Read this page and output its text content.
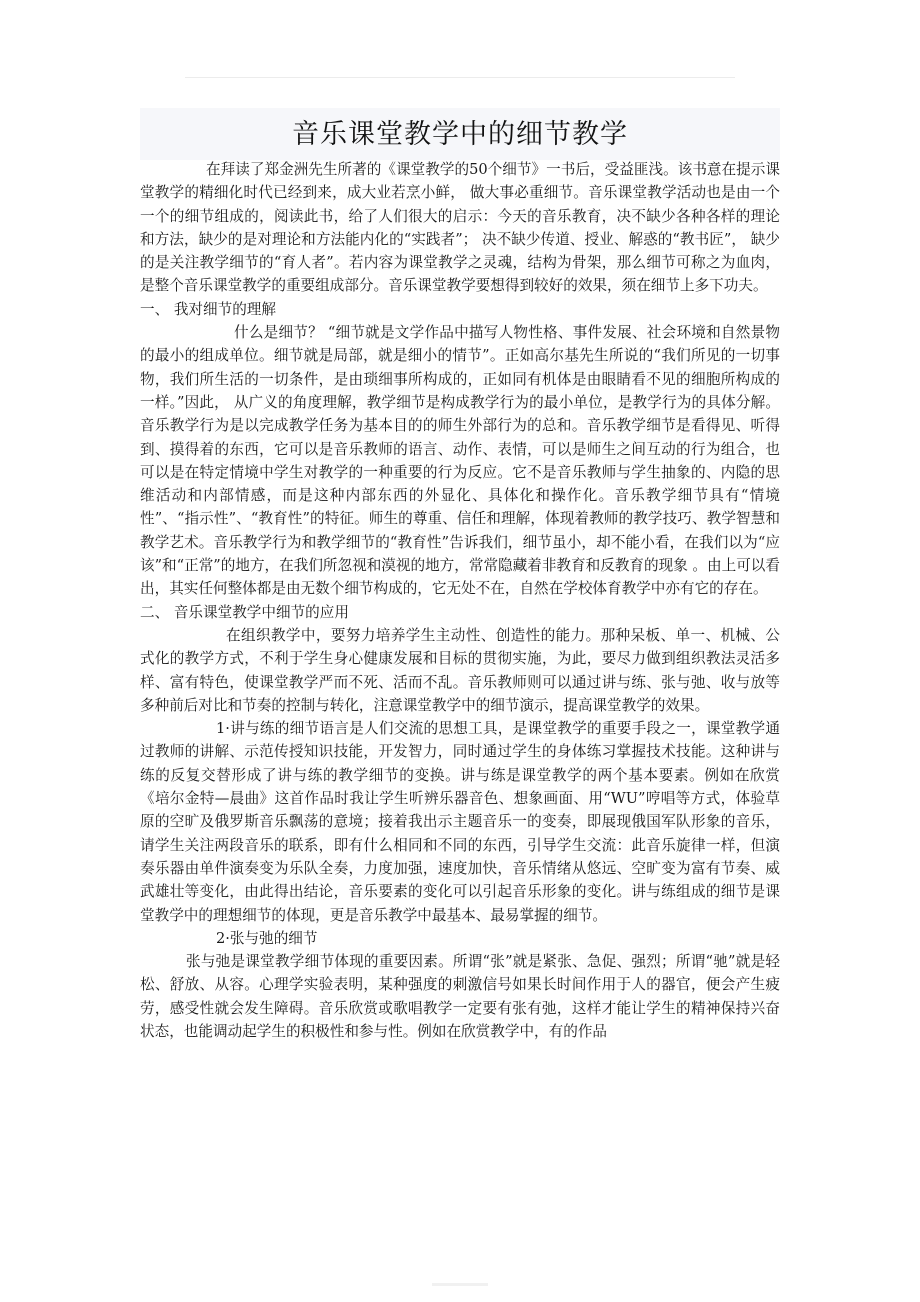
音乐课堂教学中的细节教学

在拜读了郑金洲先生所著的《课堂教学的50个细节》一书后，受益匪浅。该书意在提示课堂教学的精细化时代已经到来，成大业若烹小鲜， 做大事必重细节。音乐课堂教学活动也是由一个一个的细节组成的，阅读此书，给了人们很大的启示：今天的音乐教育，决不缺少各种各样的理论和方法，缺少的是对理论和方法能内化的“实践者”； 决不缺少传道、授业、解惑的“教书匠”， 缺少的是关注教学细节的“育人者”。若内容为课堂教学之灵魂，结构为骨架，那么细节可称之为血肉，是整个音乐课堂教学的重要组成部分。音乐课堂教学要想得到较好的效果，须在细节上多下功夫。

一、 我对细节的理解

什么是细节？ “细节就是文学作品中描写人物性格、事件发展、社会环境和自然景物的最小的组成单位。细节就是局部，就是细小的情节”。正如高尔基先生所说的“我们所见的一切事物，我们所生活的一切条件，是由琐细事所构成的，正如同有机体是由眼睛看不见的细胞所构成的一样。”因此， 从广义的角度理解，教学细节是构成教学行为的最小单位，是教学行为的具体分解。音乐教学行为是以完成教学任务为基本目的的师生外部行为的总和。音乐教学细节是看得见、听得到、摸得着的东西，它可以是音乐教师的语言、动作、表情，可以是师生之间互动的行为组合，也可以是在特定情境中学生对教学的一种重要的行为反应。它不是音乐教师与学生抽象的、内隐的思维活动和内部情感，而是这种内部东西的外显化、具体化和操作化。音乐教学细节具有“情境性”、“指示性”、“教育性”的特征。师生的尊重、信任和理解，体现着教师的教学技巧、教学智慧和教学艺术。音乐教学行为和教学细节的“教育性”告诉我们，细节虽小，却不能小看，在我们以为“应该”和“正常”的地方，在我们所忽视和漠视的地方，常常隐藏着非教育和反教育的现象 。由上可以看出，其实任何整体都是由无数个细节构成的，它无处不在，自然在学校体育教学中亦有它的存在。

二、 音乐课堂教学中细节的应用

在组织教学中，要努力培养学生主动性、创造性的能力。那种呆板、单一、机械、公式化的教学方式，不利于学生身心健康发展和目标的贯彻实施，为此，要尽力做到组织教法灵活多样、富有特色，使课堂教学严而不死、活而不乱。音乐教师则可以通过讲与练、张与弛、收与放等多种前后对比和节奏的控制与转化，注意课堂教学中的细节演示，提高课堂教学的效果。

1·讲与练的细节语言是人们交流的思想工具，是课堂教学的重要手段之一，课堂教学通过教师的讲解、示范传授知识技能，开发智力，同时通过学生的身体练习掌握技术技能。这种讲与练的反复交替形成了讲与练的教学细节的变换。讲与练是课堂教学的两个基本要素。例如在欣赏《培尔金特—晨曲》这首作品时我让学生听辨乐器音色、想象画面、用“WU”哼唱等方式，体验草原的空旷及俄罗斯音乐飘荡的意境；接着我出示主题音乐一的变奏，即展现俄国军队形象的音乐，请学生关注两段音乐的联系，即有什么相同和不同的东西，引导学生交流：此音乐旋律一样，但演奏乐器由单件演奏变为乐队全奏，力度加强，速度加快，音乐情绪从悠远、空旷变为富有节奏、威武雄壮等变化，由此得出结论，音乐要素的变化可以引起音乐形象的变化。讲与练组成的细节是课堂教学中的理想细节的体现，更是音乐教学中最基本、最易掌握的细节。

2·张与弛的细节

张与弛是课堂教学细节体现的重要因素。所谓“张”就是紧张、急促、强烈；所谓“驰”就是轻松、舒放、从容。心理学实验表明，某种强度的刺激信号如果长时间作用于人的器官，便会产生疲劳，感受性就会发生障碍。音乐欣赏或歌唱教学一定要有张有弛，这样才能让学生的精神保持兴奋状态，也能调动起学生的积极性和参与性。例如在欣赏教学中，有的作品
